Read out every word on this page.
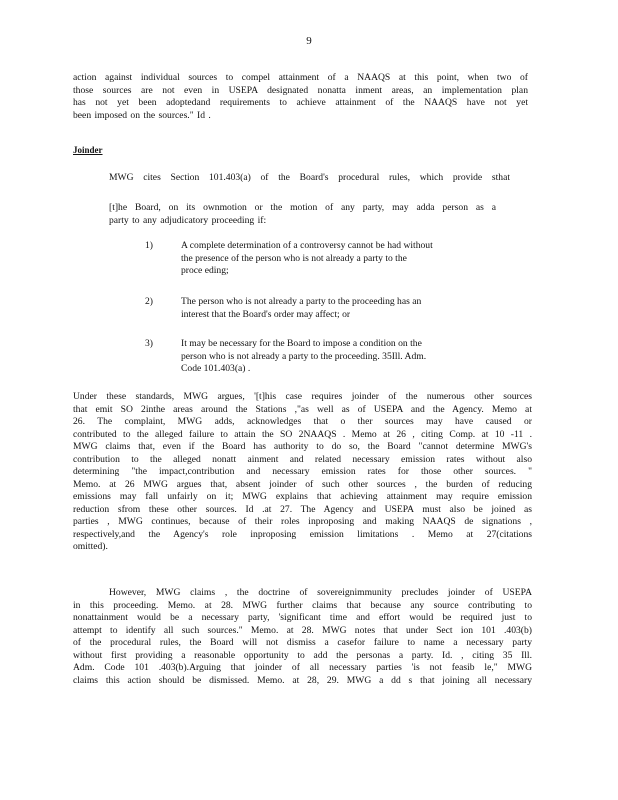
9
action against individual sources to compel attainment of a NAAQS at this point, when two of
those sources are not even in USEPA designated nonatta inment areas, an implementation plan
has not yet been adoptedand requirements to achieve attainment of the NAAQS have not yet
been imposed on the sources." Id .
Joinder
MWG cites Section 101.403(a) of the Board's procedural rules, which provide sthat
[t]he Board, on its ownmotion or the motion of any party, may adda person as a
party to any adjudicatory proceeding if:
1)	A complete determination of a controversy cannot be had without
the presence of the person who is not already a party to the
proce eding;
2)	The person who is not already a party to the proceeding has an
interest that the Board's order may affect; or
3)	It may be necessary for the Board to impose a condition on the
person who is not already a party to the proceeding. 35Ill. Adm.
Code 101.403(a) .
Under these standards, MWG argues, '[t]his case requires joinder of the numerous other sources
that emit SO 2inthe areas around the Stations ,"as well as of USEPA and the Agency. Memo at
26. The complaint, MWG adds, acknowledges that o ther sources may have caused or
contributed to the alleged failure to attain the SO 2NAAQS . Memo at 26 , citing Comp. at 10 -11 .
MWG claims that, even if the Board has authority to do so, the Board "cannot determine MWG's
contribution to the alleged nonatt ainment and related necessary emission rates without also
determining "the impact,contribution and necessary emission rates for those other sources. "
Memo. at 26 MWG argues that, absent joinder of such other sources , the burden of reducing
emissions may fall unfairly on it; MWG explains that achieving attainment may require emission
reduction sfrom these other sources. Id .at 27. The Agency and USEPA must also be joined as
parties , MWG continues, because of their roles inproposing and making NAAQS de signations ,
respectively,and the Agency's role inproposing emission limitations . Memo at 27(citations
omitted).
However, MWG claims , the doctrine of sovereignimmunity precludes joinder of USEPA
in this proceeding. Memo. at 28. MWG further claims that because any source contributing to
nonattainment would be a necessary party, 'significant time and effort would be required just to
attempt to identify all such sources." Memo. at 28. MWG notes that under Sect ion 101 .403(b)
of the procedural rules, the Board will not dismiss a casefor failure to name a necessary party
without first providing a reasonable opportunity to add the personas a party. Id. , citing 35 Ill.
Adm. Code 101 .403(b).Arguing that joinder of all necessary parties 'is not feasib le," MWG
claims this action should be dismissed. Memo. at 28, 29. MWG a dd s that joining all necessary
